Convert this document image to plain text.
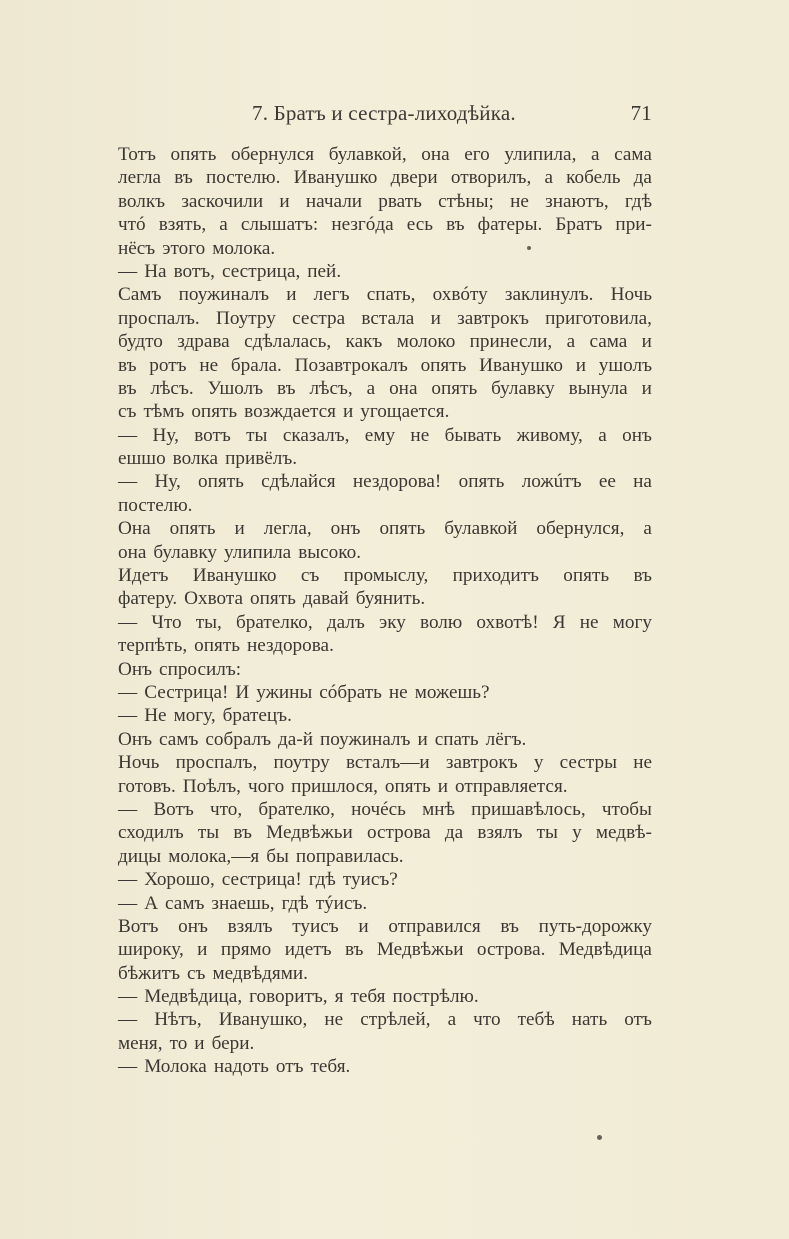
7. Братъ и сестра-лиходѣйка.	71
Тотъ опять обернулся булавкой, она его улипила, а сама
легла въ постелю. Иванушко двери отворилъ, а кобель да
волкъ заскочили и начали рвать стѣны; не знаютъ, гдѣ
чтó взять, а слышатъ: незгóда есь въ фатеры. Братъ при-
нёсъ этого молока.
— На вотъ, сестрица, пей.
Самъ поужиналъ и легъ спать, охвóту заклинулъ. Ночь
проспалъ. Поутру сестра встала и завтрокъ приготовила,
будто здрава сдѣлалась, какъ молоко принесли, а сама и
въ ротъ не брала. Позавтрокалъ опять Иванушко и ушолъ
въ лѣсъ. Ушолъ въ лѣсъ, а она опять булавку вынула и
съ тѣмъ опять возждается и угощается.
— Ну, вотъ ты сказалъ, ему не бывать живому, а онъ
ешшо волка привёлъ.
— Ну, опять сдѣлайся нездорова! опять ложúтъ ее на
постелю.
Она опять и легла, онъ опять булавкой обернулся, а
она булавку улипила высоко.
Идетъ Иванушко съ промыслу, приходитъ опять въ
фатеру. Охвота опять давай буянить.
— Что ты, брателко, далъ эку волю охвотѣ! Я не могу
терпѣть, опять нездорова.
Онъ спросилъ:
— Сестрица! И ужины сóбрать не можешь?
— Не могу, братецъ.
Онъ самъ собралъ да-й поужиналъ и спать лёгъ.
Ночь проспалъ, поутру всталъ—и завтрокъ у сестры не
готовъ. Поѣлъ, чого пришлося, опять и отправляется.
— Вотъ что, брателко, ночéсь мнѣ пришавѣлось, чтобы
сходилъ ты въ Медвѣжьи острова да взялъ ты у медвѣ-
дицы молока,—я бы поправилась.
— Хорошо, сестрица! гдѣ туисъ?
— А самъ знаешь, гдѣ тýисъ.
Вотъ онъ взялъ туисъ и отправился въ путь-дорожку
широку, и прямо идетъ въ Медвѣжьи острова. Медвѣдица
бѣжитъ съ медвѣдями.
— Медвѣдица, говоритъ, я тебя пострѣлю.
— Нѣтъ, Иванушко, не стрѣлей, а что тебѣ нать отъ
меня, то и бери.
— Молока надоть отъ тебя.
